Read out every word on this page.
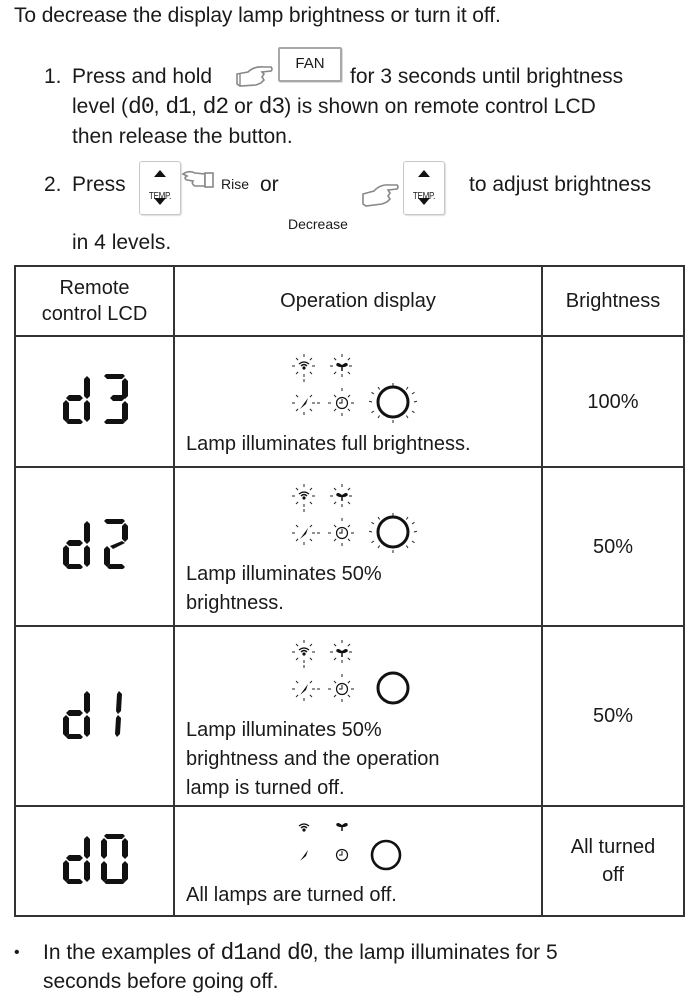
To decrease the display lamp brightness or turn it off.
1. Press and hold
FAN
for 3 seconds until brightness
level (d0, d1, d2 or d3) is shown on remote control LCD
then release the button.
2. Press
TEMP.
Rise or
Decrease
TEMP.
to adjust brightness
in 4 levels.
Remote
control LCD	Operation display	Brightness

Lamp illuminates full brightness.	100%

Lamp illuminates 50%
brightness.	50%

Lamp illuminates 50%
brightness and the operation
lamp is turned off.	50%

All lamps are turned off.	All turned
off
• In the examples of d1and d0, the lamp illuminates for 5
seconds before going off.
